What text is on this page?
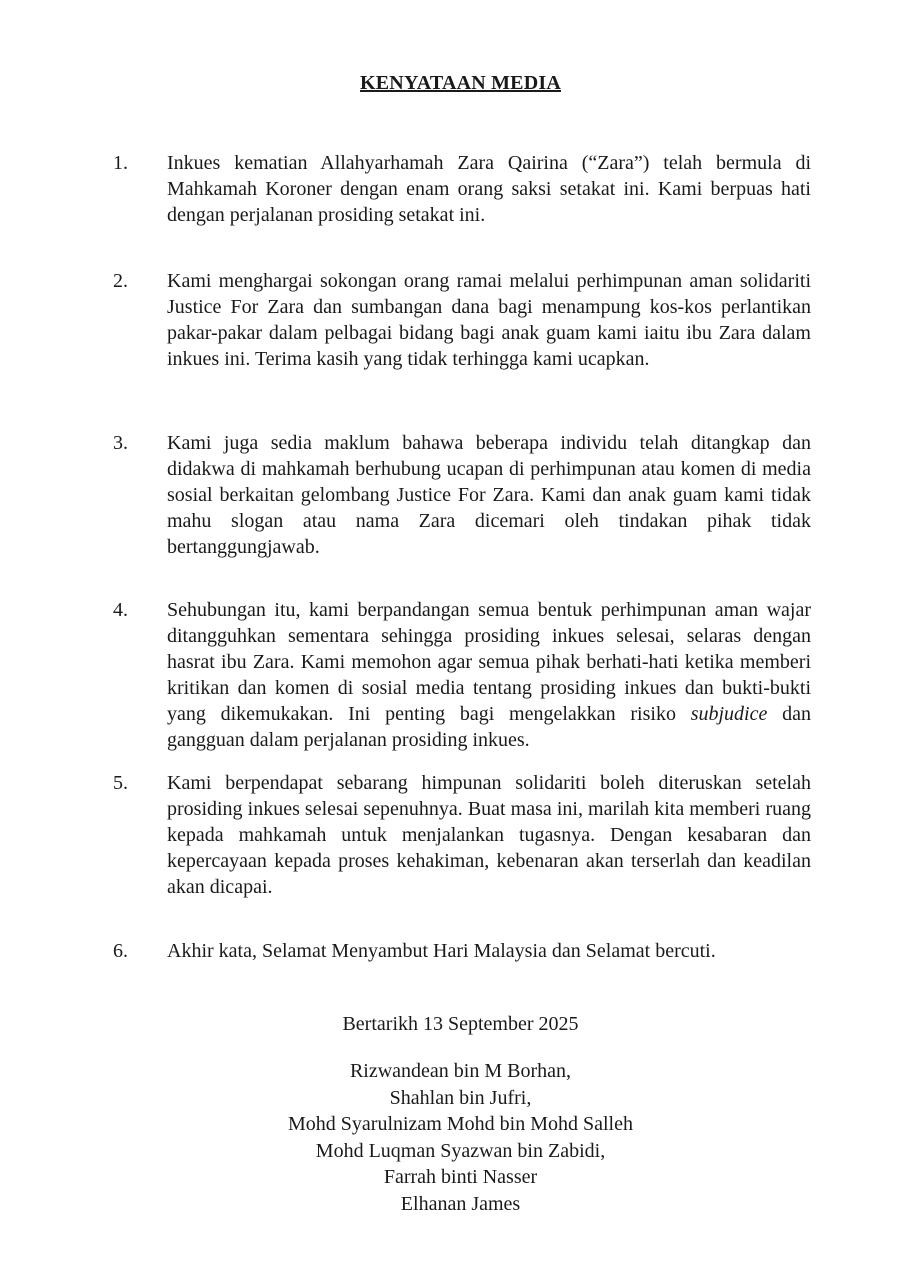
KENYATAAN MEDIA
1. Inkues kematian Allahyarhamah Zara Qairina (“Zara”) telah bermula di Mahkamah Koroner dengan enam orang saksi setakat ini. Kami berpuas hati dengan perjalanan prosiding setakat ini.
2. Kami menghargai sokongan orang ramai melalui perhimpunan aman solidariti Justice For Zara dan sumbangan dana bagi menampung kos-kos perlantikan pakar-pakar dalam pelbagai bidang bagi anak guam kami iaitu ibu Zara dalam inkues ini. Terima kasih yang tidak terhingga kami ucapkan.
3. Kami juga sedia maklum bahawa beberapa individu telah ditangkap dan didakwa di mahkamah berhubung ucapan di perhimpunan atau komen di media sosial berkaitan gelombang Justice For Zara. Kami dan anak guam kami tidak mahu slogan atau nama Zara dicemari oleh tindakan pihak tidak bertanggungjawab.
4. Sehubungan itu, kami berpandangan semua bentuk perhimpunan aman wajar ditangguhkan sementara sehingga prosiding inkues selesai, selaras dengan hasrat ibu Zara. Kami memohon agar semua pihak berhati-hati ketika memberi kritikan dan komen di sosial media tentang prosiding inkues dan bukti-bukti yang dikemukakan. Ini penting bagi mengelakkan risiko subjudice dan gangguan dalam perjalanan prosiding inkues.
5. Kami berpendapat sebarang himpunan solidariti boleh diteruskan setelah prosiding inkues selesai sepenuhnya. Buat masa ini, marilah kita memberi ruang kepada mahkamah untuk menjalankan tugasnya. Dengan kesabaran dan kepercayaan kepada proses kehakiman, kebenaran akan terserlah dan keadilan akan dicapai.
6. Akhir kata, Selamat Menyambut Hari Malaysia dan Selamat bercuti.
Bertarikh 13 September 2025
Rizwandean bin M Borhan,
Shahlan bin Jufri,
Mohd Syarulnizam Mohd bin Mohd Salleh
Mohd Luqman Syazwan bin Zabidi,
Farrah binti Nasser
Elhanan James
